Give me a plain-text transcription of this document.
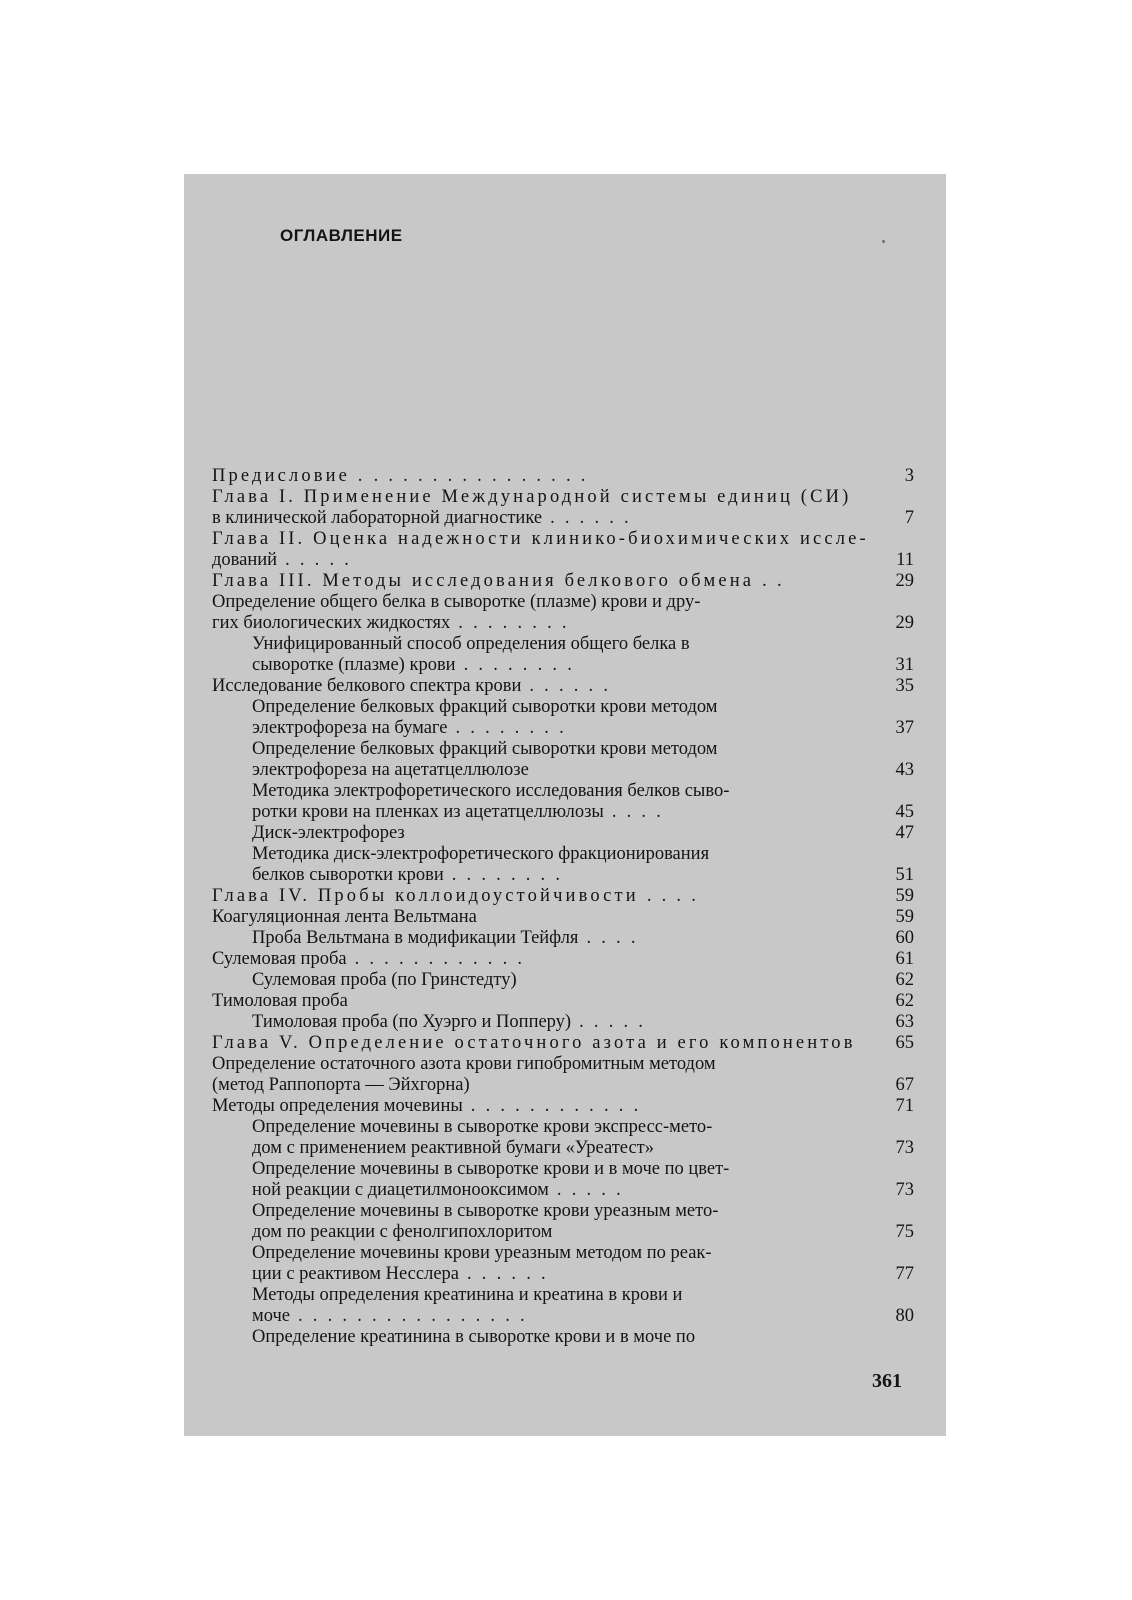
ОГЛАВЛЕНИЕ
Предисловие . ...............	3
Глава I. Применение Международной системы единиц (СИ)
в клинической лабораторной диагностике ......	7
Глава II. Оценка надежности клинико-биохимических иссле-
дований .....	11
Глава III. Методы исследования белкового обмена ..	29
Определение общего белка в сыворотке (плазме) крови и дру-
гих биологических жидкостях ........	29
Унифицированный способ определения общего белка в
сыворотке (плазме) крови ........	31
Исследование белкового спектра крови ......	35
Определение белковых фракций сыворотки крови методом
электрофореза на бумаге ........	37
Определение белковых фракций сыворотки крови методом
электрофореза на ацетатцеллюлозе	43
Методика электрофоретического исследования белков сыво-
ротки крови на пленках из ацетатцеллюлозы ....	45
Диск-электрофорез	47
Методика диск-электрофоретического фракционирования
белков сыворотки крови ........	51
Глава IV. Пробы коллоидоустойчивости ....	59
Коагуляционная лента Вельтмана	59
Проба Вельтмана в модификации Тейфля ....	60
Сулемовая проба ............	61
Сулемовая проба (по Гринстедту)	62
Тимоловая проба	62
Тимоловая проба (по Хуэрго и Попперу) .....	63
Глава V. Определение остаточного азота и его компонентов	65
Определение остаточного азота крови гипобромитным методом
(метод Раппопорта — Эйхгорна)	67
Методы определения мочевины ............	71
Определение мочевины в сыворотке крови экспресс-мето-
дом с применением реактивной бумаги «Уреатест»	73
Определение мочевины в сыворотке крови и в моче по цвет-
ной реакции с диацетилмонооксимом .....	73
Определение мочевины в сыворотке крови уреазным мето-
дом по реакции с фенолгипохлоритом	75
Определение мочевины крови уреазным методом по реак-
ции с реактивом Несслера ......	77
Методы определения креатинина и креатина в крови и
моче ................	80
Определение креатинина в сыворотке крови и в моче по
361
